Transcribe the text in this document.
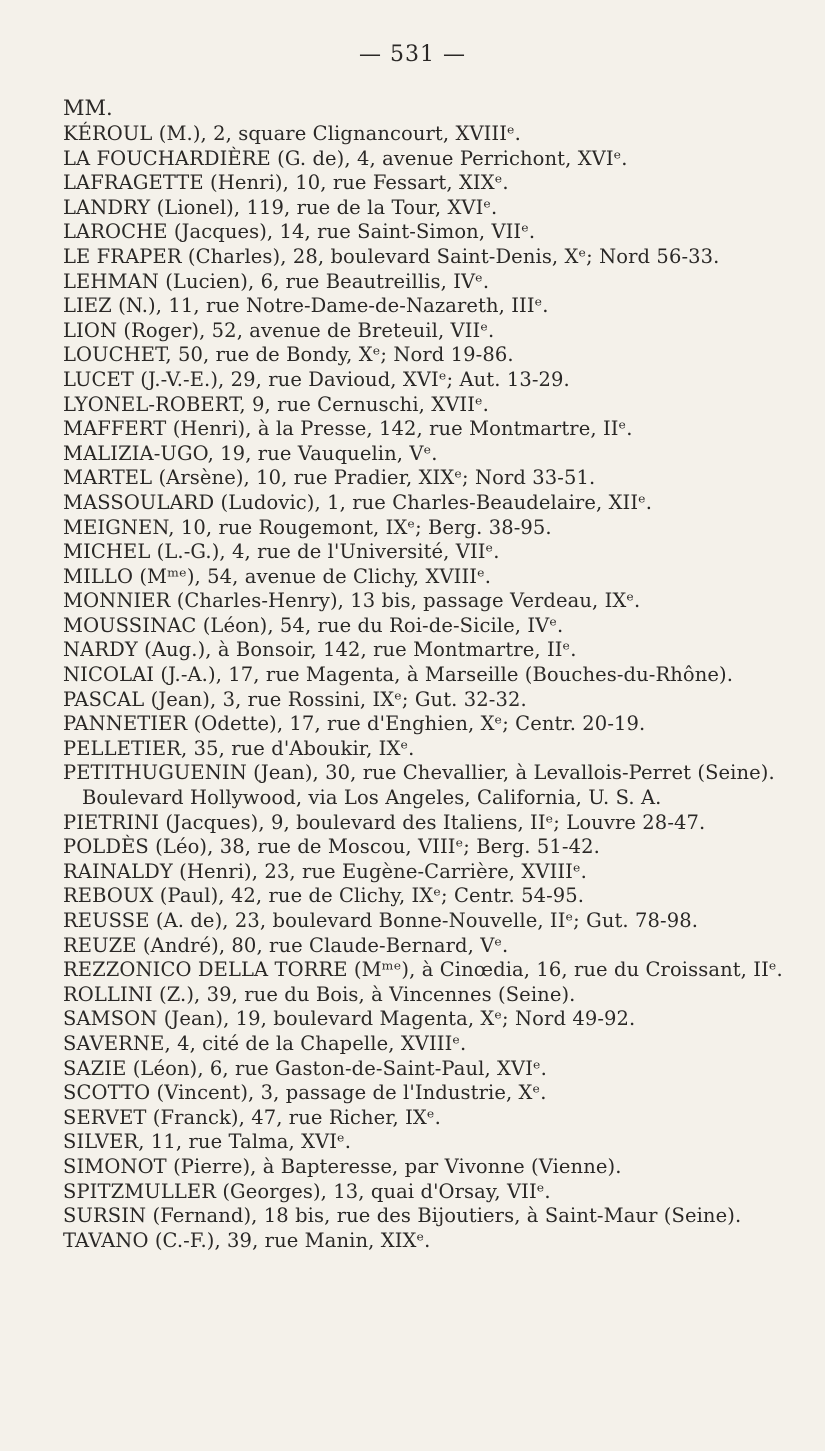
— 531 —
MM.
KÉROUL (M.), 2, square Clignancourt, XVIIIᵉ.
LA FOUCHARDIÈRE (G. de), 4, avenue Perrichont, XVIᵉ.
LAFRAGETTE (Henri), 10, rue Fessart, XIXᵉ.
LANDRY (Lionel), 119, rue de la Tour, XVIᵉ.
LAROCHE (Jacques), 14, rue Saint-Simon, VIIᵉ.
LE FRAPER (Charles), 28, boulevard Saint-Denis, Xᵉ; Nord 56-33.
LEHMAN (Lucien), 6, rue Beautreillis, IVᵉ.
LIEZ (N.), 11, rue Notre-Dame-de-Nazareth, IIIᵉ.
LION (Roger), 52, avenue de Breteuil, VIIᵉ.
LOUCHET, 50, rue de Bondy, Xᵉ; Nord 19-86.
LUCET (J.-V.-E.), 29, rue Davioud, XVIᵉ; Aut. 13-29.
LYONEL-ROBERT, 9, rue Cernuschi, XVIIᵉ.
MAFFERT (Henri), à la Presse, 142, rue Montmartre, IIᵉ.
MALIZIA-UGO, 19, rue Vauquelin, Vᵉ.
MARTEL (Arsène), 10, rue Pradier, XIXᵉ; Nord 33-51.
MASSOULARD (Ludovic), 1, rue Charles-Beaudelaire, XIIᵉ.
MEIGNEN, 10, rue Rougemont, IXᵉ; Berg. 38-95.
MICHEL (L.-G.), 4, rue de l'Université, VIIᵉ.
MILLO (Mᵐᵉ), 54, avenue de Clichy, XVIIIᵉ.
MONNIER (Charles-Henry), 13 bis, passage Verdeau, IXᵉ.
MOUSSINAC (Léon), 54, rue du Roi-de-Sicile, IVᵉ.
NARDY (Aug.), à Bonsoir, 142, rue Montmartre, IIᵉ.
NICOLAI (J.-A.), 17, rue Magenta, à Marseille (Bouches-du-Rhône).
PASCAL (Jean), 3, rue Rossini, IXᵉ; Gut. 32-32.
PANNETIER (Odette), 17, rue d'Enghien, Xᵉ; Centr. 20-19.
PELLETIER, 35, rue d'Aboukir, IXᵉ.
PETITHUGUENIN (Jean), 30, rue Chevallier, à Levallois-Perret (Seine).
Boulevard Hollywood, via Los Angeles, California, U. S. A.
PIETRINI (Jacques), 9, boulevard des Italiens, IIᵉ; Louvre 28-47.
POLDÈS (Léo), 38, rue de Moscou, VIIIᵉ; Berg. 51-42.
RAINALDY (Henri), 23, rue Eugène-Carrière, XVIIIᵉ.
REBOUX (Paul), 42, rue de Clichy, IXᵉ; Centr. 54-95.
REUSSE (A. de), 23, boulevard Bonne-Nouvelle, IIᵉ; Gut. 78-98.
REUZE (André), 80, rue Claude-Bernard, Vᵉ.
REZZONICO DELLA TORRE (Mᵐᵉ), à Cinœdia, 16, rue du Croissant, IIᵉ.
ROLLINI (Z.), 39, rue du Bois, à Vincennes (Seine).
SAMSON (Jean), 19, boulevard Magenta, Xᵉ; Nord 49-92.
SAVERNE, 4, cité de la Chapelle, XVIIIᵉ.
SAZIE (Léon), 6, rue Gaston-de-Saint-Paul, XVIᵉ.
SCOTTO (Vincent), 3, passage de l'Industrie, Xᵉ.
SERVET (Franck), 47, rue Richer, IXᵉ.
SILVER, 11, rue Talma, XVIᵉ.
SIMONOT (Pierre), à Bapteresse, par Vivonne (Vienne).
SPITZMULLER (Georges), 13, quai d'Orsay, VIIᵉ.
SURSIN (Fernand), 18 bis, rue des Bijoutiers, à Saint-Maur (Seine).
TAVANO (C.-F.), 39, rue Manin, XIXᵉ.
